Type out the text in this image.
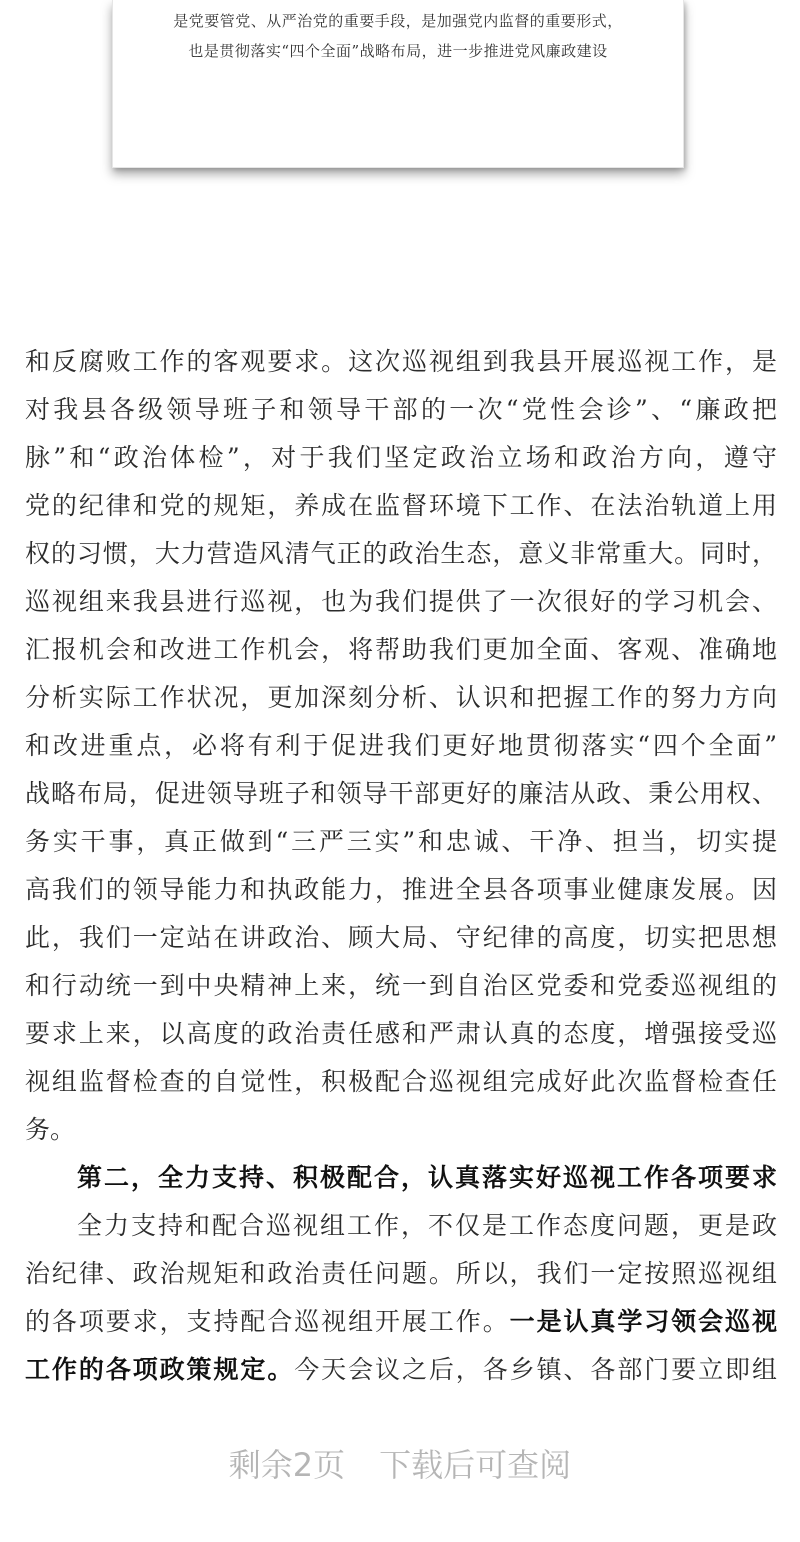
是党要管党、从严治党的重要手段，是加强党内监督的重要形式，
也是贯彻落实“四个全面”战略布局，进一步推进党风廉政建设
和反腐败工作的客观要求。这次巡视组到我县开展巡视工作，是
对我县各级领导班子和领导干部的一次“党性会诊”、“廉政把
脉”和“政治体检”，对于我们坚定政治立场和政治方向，遵守
党的纪律和党的规矩，养成在监督环境下工作、在法治轨道上用
权的习惯，大力营造风清气正的政治生态，意义非常重大。同时，
巡视组来我县进行巡视，也为我们提供了一次很好的学习机会、
汇报机会和改进工作机会，将帮助我们更加全面、客观、准确地
分析实际工作状况，更加深刻分析、认识和把握工作的努力方向
和改进重点，必将有利于促进我们更好地贯彻落实“四个全面”
战略布局，促进领导班子和领导干部更好的廉洁从政、秉公用权、
务实干事，真正做到“三严三实”和忠诚、干净、担当，切实提
高我们的领导能力和执政能力，推进全县各项事业健康发展。因
此，我们一定站在讲政治、顾大局、守纪律的高度，切实把思想
和行动统一到中央精神上来，统一到自治区党委和党委巡视组的
要求上来，以高度的政治责任感和严肃认真的态度，增强接受巡
视组监督检查的自觉性，积极配合巡视组完成好此次监督检查任
务。
第二，全力支持、积极配合，认真落实好巡视工作各项要求
全力支持和配合巡视组工作，不仅是工作态度问题，更是政
治纪律、政治规矩和政治责任问题。所以，我们一定按照巡视组
的各项要求，支持配合巡视组开展工作。一是认真学习领会巡视
工作的各项政策规定。今天会议之后，各乡镇、各部门要立即组
剩余2页 下载后可查阅
